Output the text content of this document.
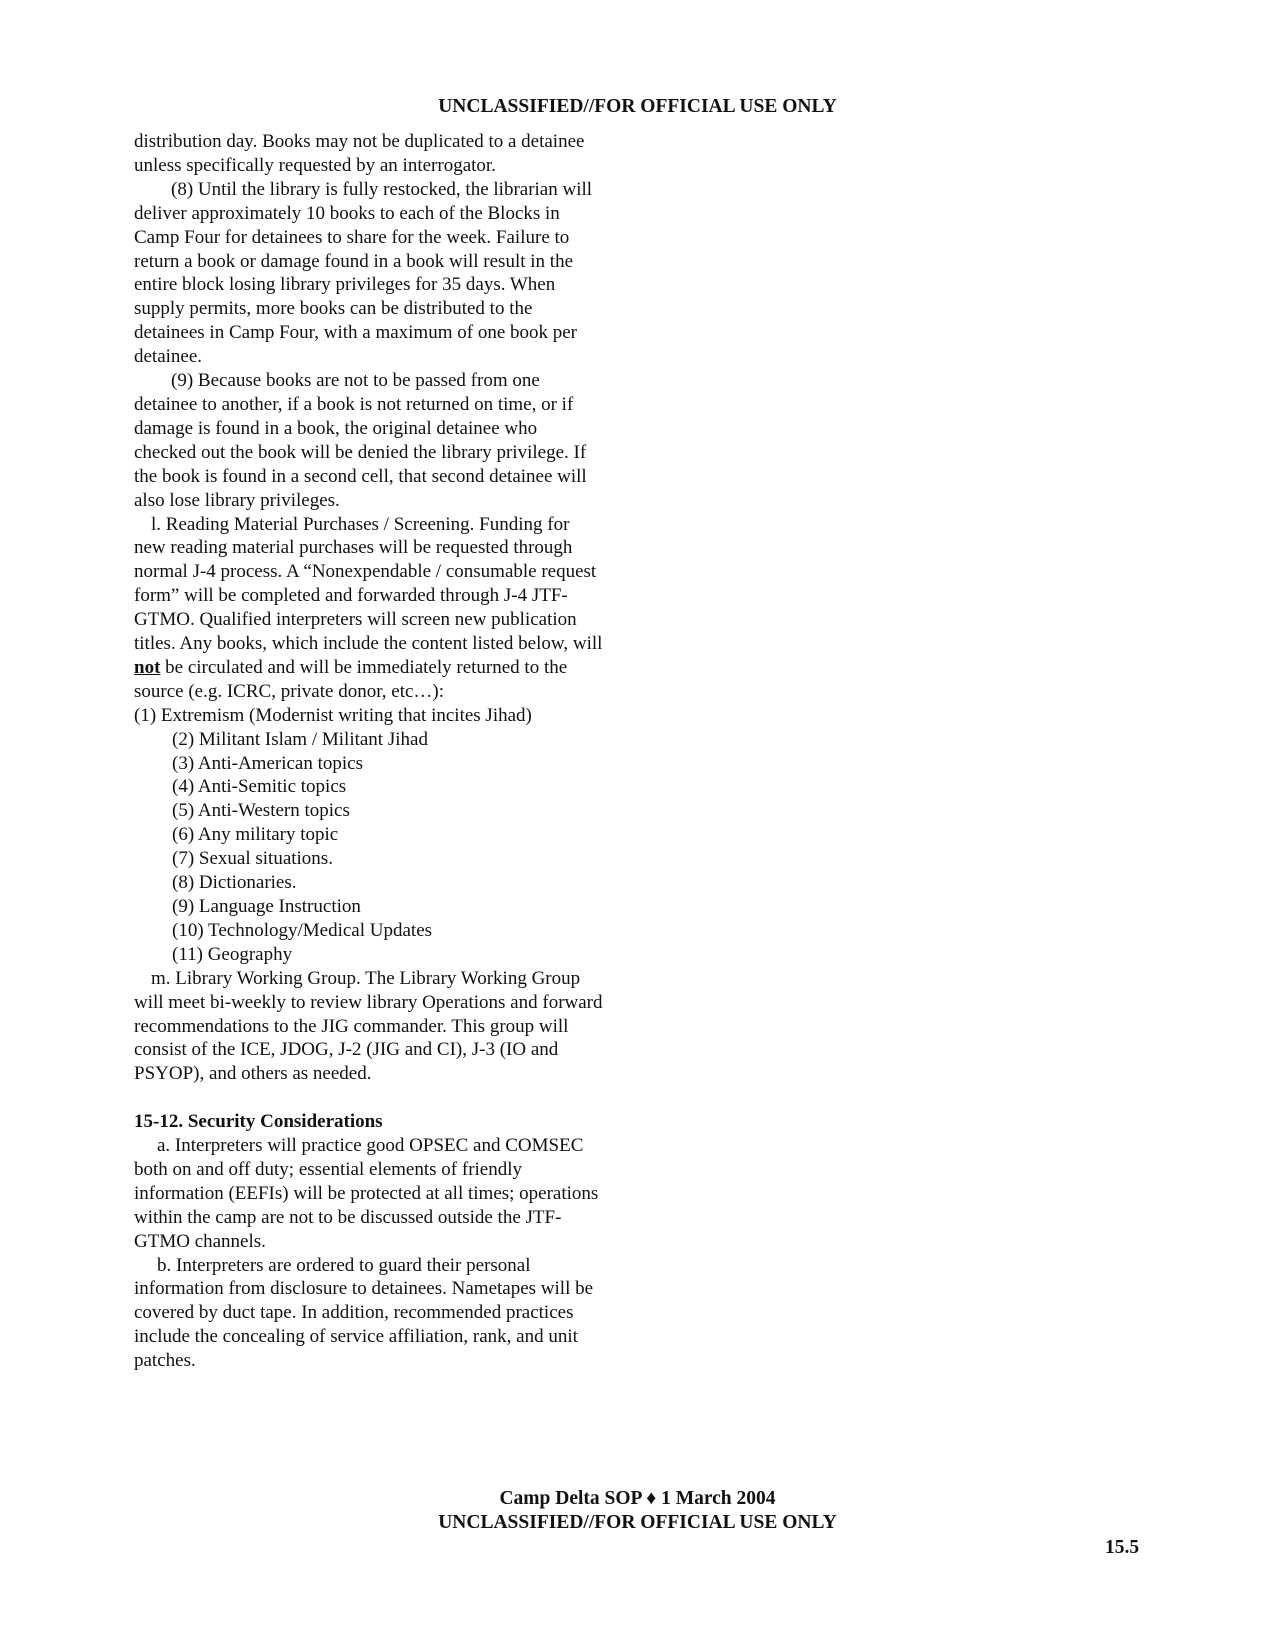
UNCLASSIFIED//FOR OFFICIAL USE ONLY

distribution day. Books may not be duplicated to a detainee unless specifically requested by an interrogator.

(8) Until the library is fully restocked, the librarian will deliver approximately 10 books to each of the Blocks in Camp Four for detainees to share for the week. Failure to return a book or damage found in a book will result in the entire block losing library privileges for 35 days. When supply permits, more books can be distributed to the detainees in Camp Four, with a maximum of one book per detainee.

(9) Because books are not to be passed from one detainee to another, if a book is not returned on time, or if damage is found in a book, the original detainee who checked out the book will be denied the library privilege. If the book is found in a second cell, that second detainee will also lose library privileges.

l. Reading Material Purchases / Screening. Funding for new reading material purchases will be requested through normal J-4 process. A “Nonexpendable / consumable request form” will be completed and forwarded through J-4 JTF-GTMO. Qualified interpreters will screen new publication titles. Any books, which include the content listed below, will not be circulated and will be immediately returned to the source (e.g. ICRC, private donor, etc…):

(1) Extremism (Modernist writing that incites Jihad)

(2) Militant Islam / Militant Jihad

(3) Anti-American topics

(4) Anti-Semitic topics

(5) Anti-Western topics

(6) Any military topic

(7) Sexual situations.

(8) Dictionaries.

(9) Language Instruction

(10) Technology/Medical Updates

(11) Geography

m. Library Working Group. The Library Working Group will meet bi-weekly to review library Operations and forward recommendations to the JIG commander. This group will consist of the ICE, JDOG, J-2 (JIG and CI), J-3 (IO and PSYOP), and others as needed.

15-12. Security Considerations

a. Interpreters will practice good OPSEC and COMSEC both on and off duty; essential elements of friendly information (EEFIs) will be protected at all times; operations within the camp are not to be discussed outside the JTF-GTMO channels.

b. Interpreters are ordered to guard their personal information from disclosure to detainees. Nametapes will be covered by duct tape. In addition, recommended practices include the concealing of service affiliation, rank, and unit patches.

Camp Delta SOP ♦ 1 March 2004
UNCLASSIFIED//FOR OFFICIAL USE ONLY
15.5
